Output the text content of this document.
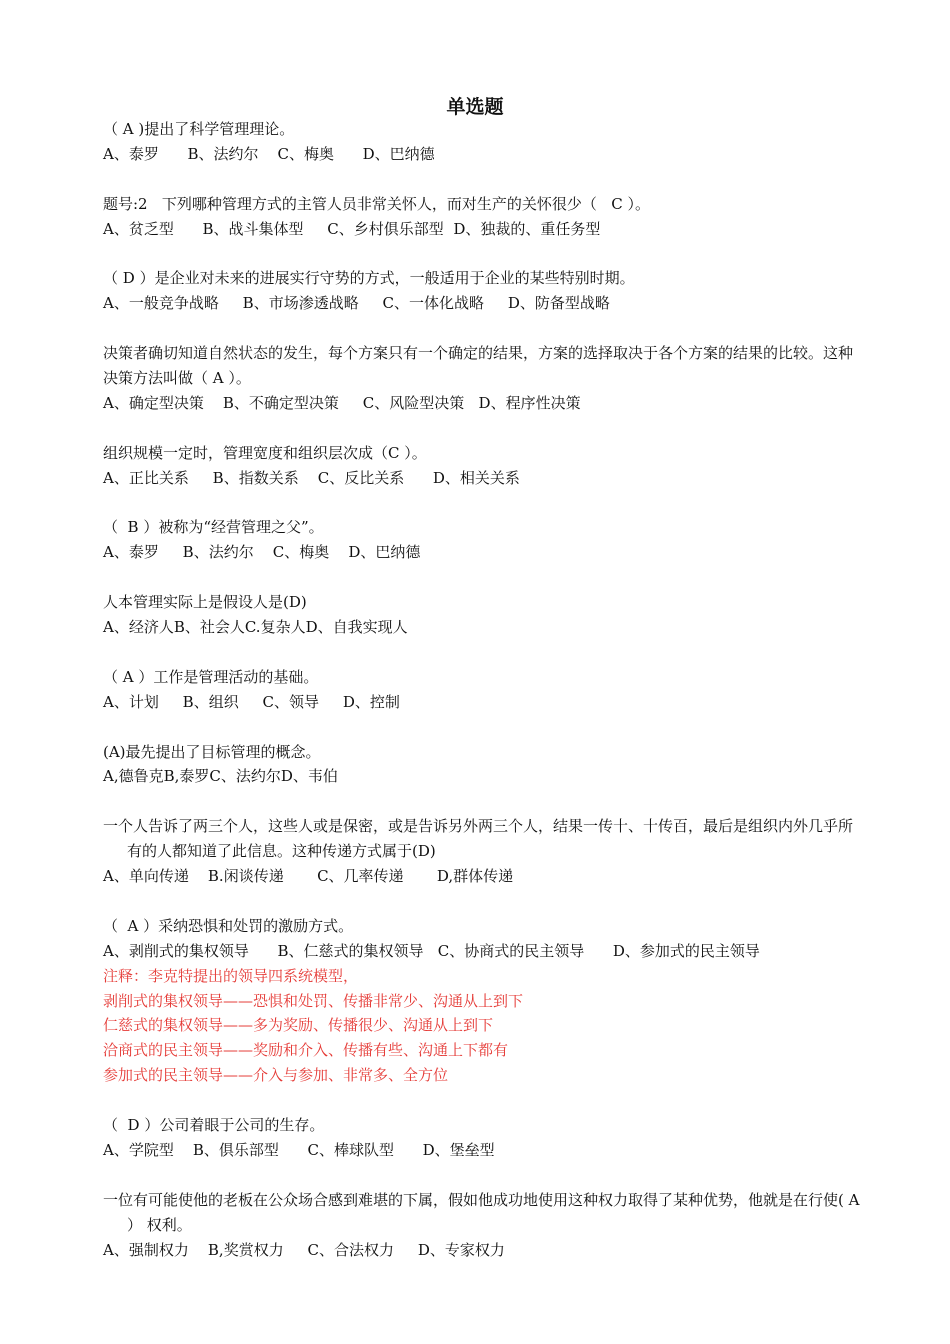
单选题
（ A )提出了科学管理理论。
A、泰罗      B、法约尔    C、梅奥      D、巴纳德
题号:2   下列哪种管理方式的主管人员非常关怀人，而对生产的关怀很少（   C ）。
A、贫乏型      B、战斗集体型     C、乡村俱乐部型  D、独裁的、重任务型
（ D ）是企业对未来的进展实行守势的方式，一般适用于企业的某些特别时期。
A、一般竞争战略     B、市场渗透战略     C、一体化战略     D、防备型战略
决策者确切知道自然状态的发生，每个方案只有一个确定的结果，方案的选择取决于各个方案的结果的比较。这种决策方法叫做（ A ）。
A、确定型决策    B、不确定型决策     C、风险型决策   D、程序性决策
组织规模一定时，管理宽度和组织层次成（C ）。
A、正比关系     B、指数关系    C、反比关系      D、相关关系
（  B ）被称为“经营管理之父”。
A、泰罗     B、法约尔    C、梅奥    D、巴纳德
人本管理实际上是假设人是(D)
A、经济人B、社会人C.复杂人D、自我实现人
（ A ）工作是管理活动的基础。
A、计划     B、组织     C、领导     D、控制
(A)最先提出了目标管理的概念。
A,德鲁克B,泰罗C、法约尔D、韦伯
一个人告诉了两三个人，这些人或是保密，或是告诉另外两三个人，结果一传十、十传百，最后是组织内外几乎所有的人都知道了此信息。这种传递方式属于(D)
A、单向传递    B.闲谈传递       C、几率传递       D,群体传递
（  A ）采纳恐惧和处罚的激励方式。
A、剥削式的集权领导      B、仁慈式的集权领导   C、协商式的民主领导      D、参加式的民主领导
注释：李克特提出的领导四系统模型，
剥削式的集权领导——恐惧和处罚、传播非常少、沟通从上到下
仁慈式的集权领导——多为奖励、传播很少、沟通从上到下
洽商式的民主领导——奖励和介入、传播有些、沟通上下都有
参加式的民主领导——介入与参加、非常多、全方位
（  D ）公司着眼于公司的生存。
A、学院型    B、俱乐部型      C、棒球队型      D、堡垒型
一位有可能使他的老板在公众场合感到难堪的下属，假如他成功地使用这种权力取得了某种优势，他就是在行使( A ） 权利。
A、强制权力    B,奖赏权力     C、合法权力     D、专家权力
